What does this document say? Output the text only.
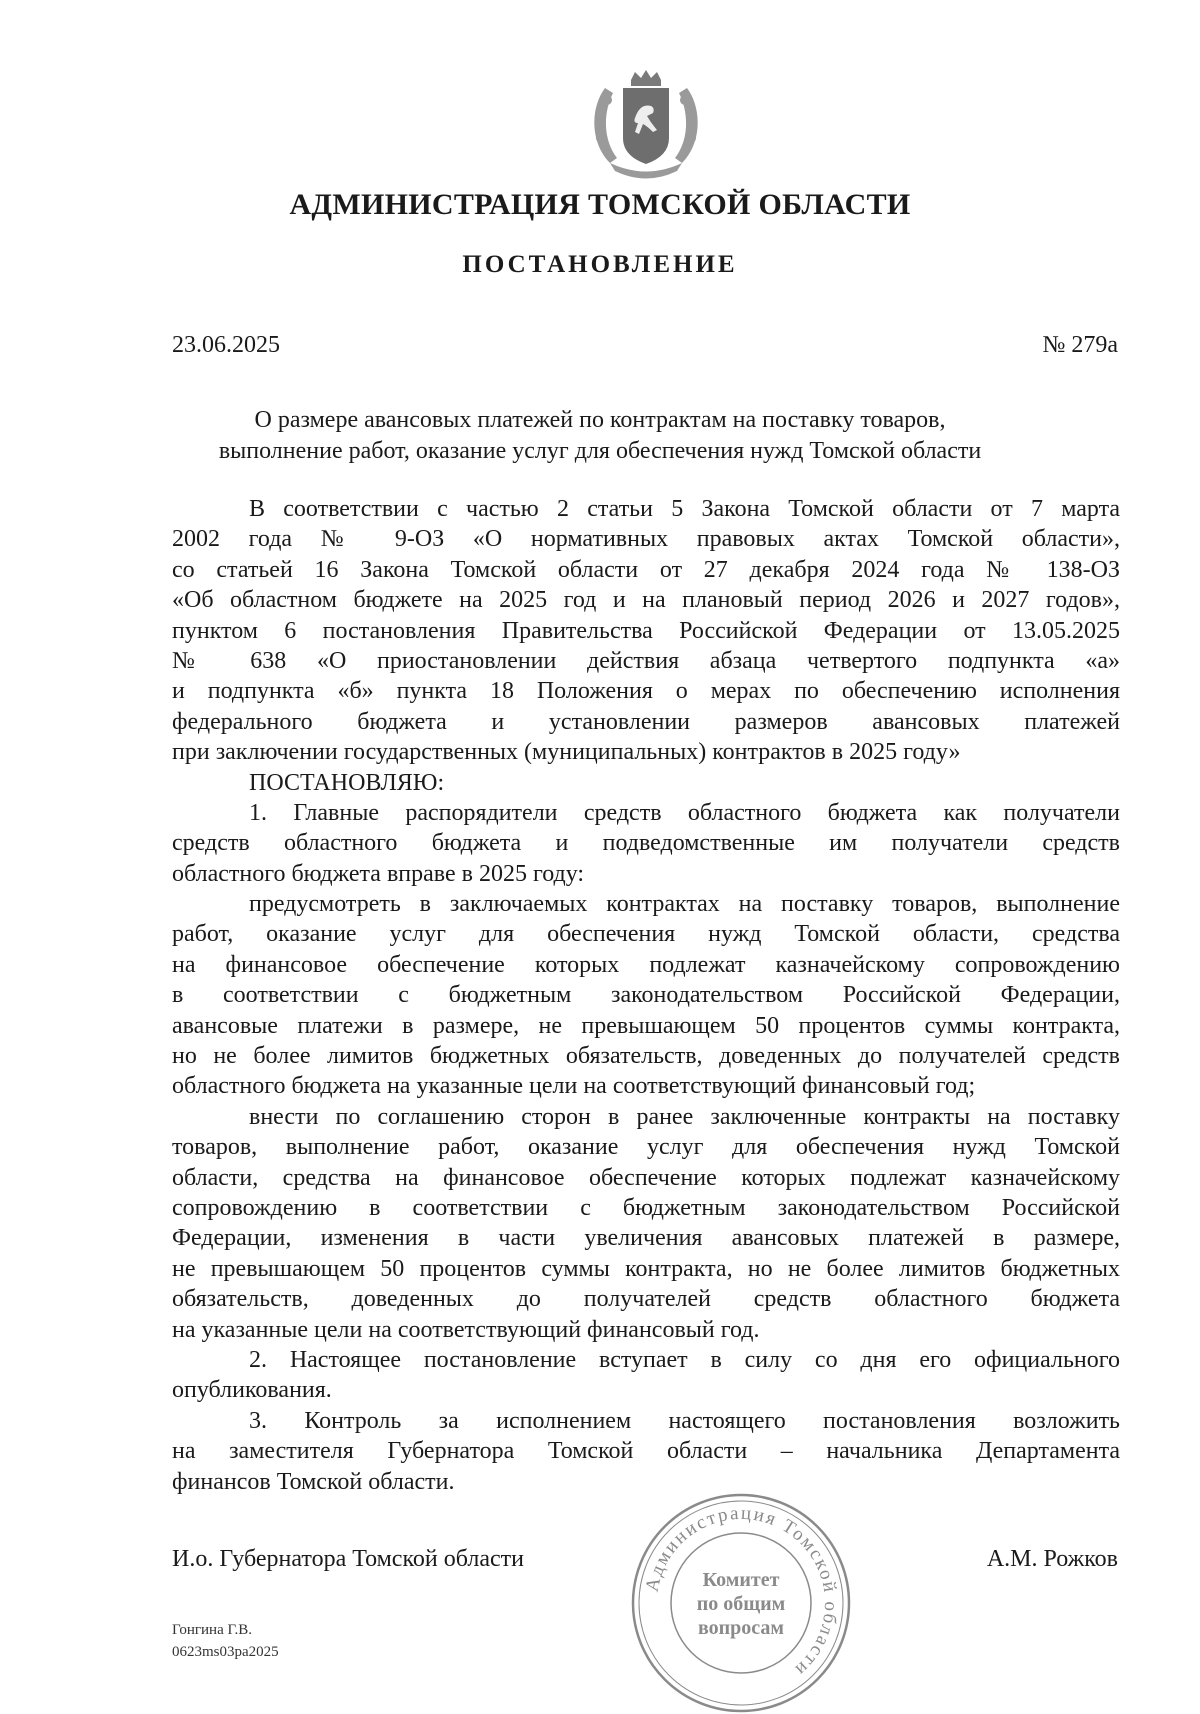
АДМИНИСТРАЦИЯ ТОМСКОЙ ОБЛАСТИ
ПОСТАНОВЛЕНИЕ
23.06.2025	№ 279а
О размере авансовых платежей по контрактам на поставку товаров,
выполнение работ, оказание услуг для обеспечения нужд Томской области
В соответствии с частью 2 статьи 5 Закона Томской области от 7 марта
2002 года № 9-ОЗ «О нормативных правовых актах Томской области»,
со статьей 16 Закона Томской области от 27 декабря 2024 года № 138-ОЗ
«Об областном бюджете на 2025 год и на плановый период 2026 и 2027 годов»,
пунктом 6 постановления Правительства Российской Федерации от 13.05.2025
№ 638 «О приостановлении действия абзаца четвертого подпункта «а»
и подпункта «б» пункта 18 Положения о мерах по обеспечению исполнения
федерального бюджета и установлении размеров авансовых платежей
при заключении государственных (муниципальных) контрактов в 2025 году»
ПОСТАНОВЛЯЮ:
1. Главные распорядители средств областного бюджета как получатели
средств областного бюджета и подведомственные им получатели средств
областного бюджета вправе в 2025 году:
предусмотреть в заключаемых контрактах на поставку товаров, выполнение
работ, оказание услуг для обеспечения нужд Томской области, средства
на финансовое обеспечение которых подлежат казначейскому сопровождению
в соответствии с бюджетным законодательством Российской Федерации,
авансовые платежи в размере, не превышающем 50 процентов суммы контракта,
но не более лимитов бюджетных обязательств, доведенных до получателей средств
областного бюджета на указанные цели на соответствующий финансовый год;
внести по соглашению сторон в ранее заключенные контракты на поставку
товаров, выполнение работ, оказание услуг для обеспечения нужд Томской
области, средства на финансовое обеспечение которых подлежат казначейскому
сопровождению в соответствии с бюджетным законодательством Российской
Федерации, изменения в части увеличения авансовых платежей в размере,
не превышающем 50 процентов суммы контракта, но не более лимитов бюджетных
обязательств, доведенных до получателей средств областного бюджета
на указанные цели на соответствующий финансовый год.
2. Настоящее постановление вступает в силу со дня его официального
опубликования.
3. Контроль за исполнением настоящего постановления возложить
на заместителя Губернатора Томской области – начальника Департамента
финансов Томской области.
И.о. Губернатора Томской области	А.М. Рожков
Администрация Томской области
Комитет
по общим
вопросам
Гонгина Г.В.
0623ms03pa2025
